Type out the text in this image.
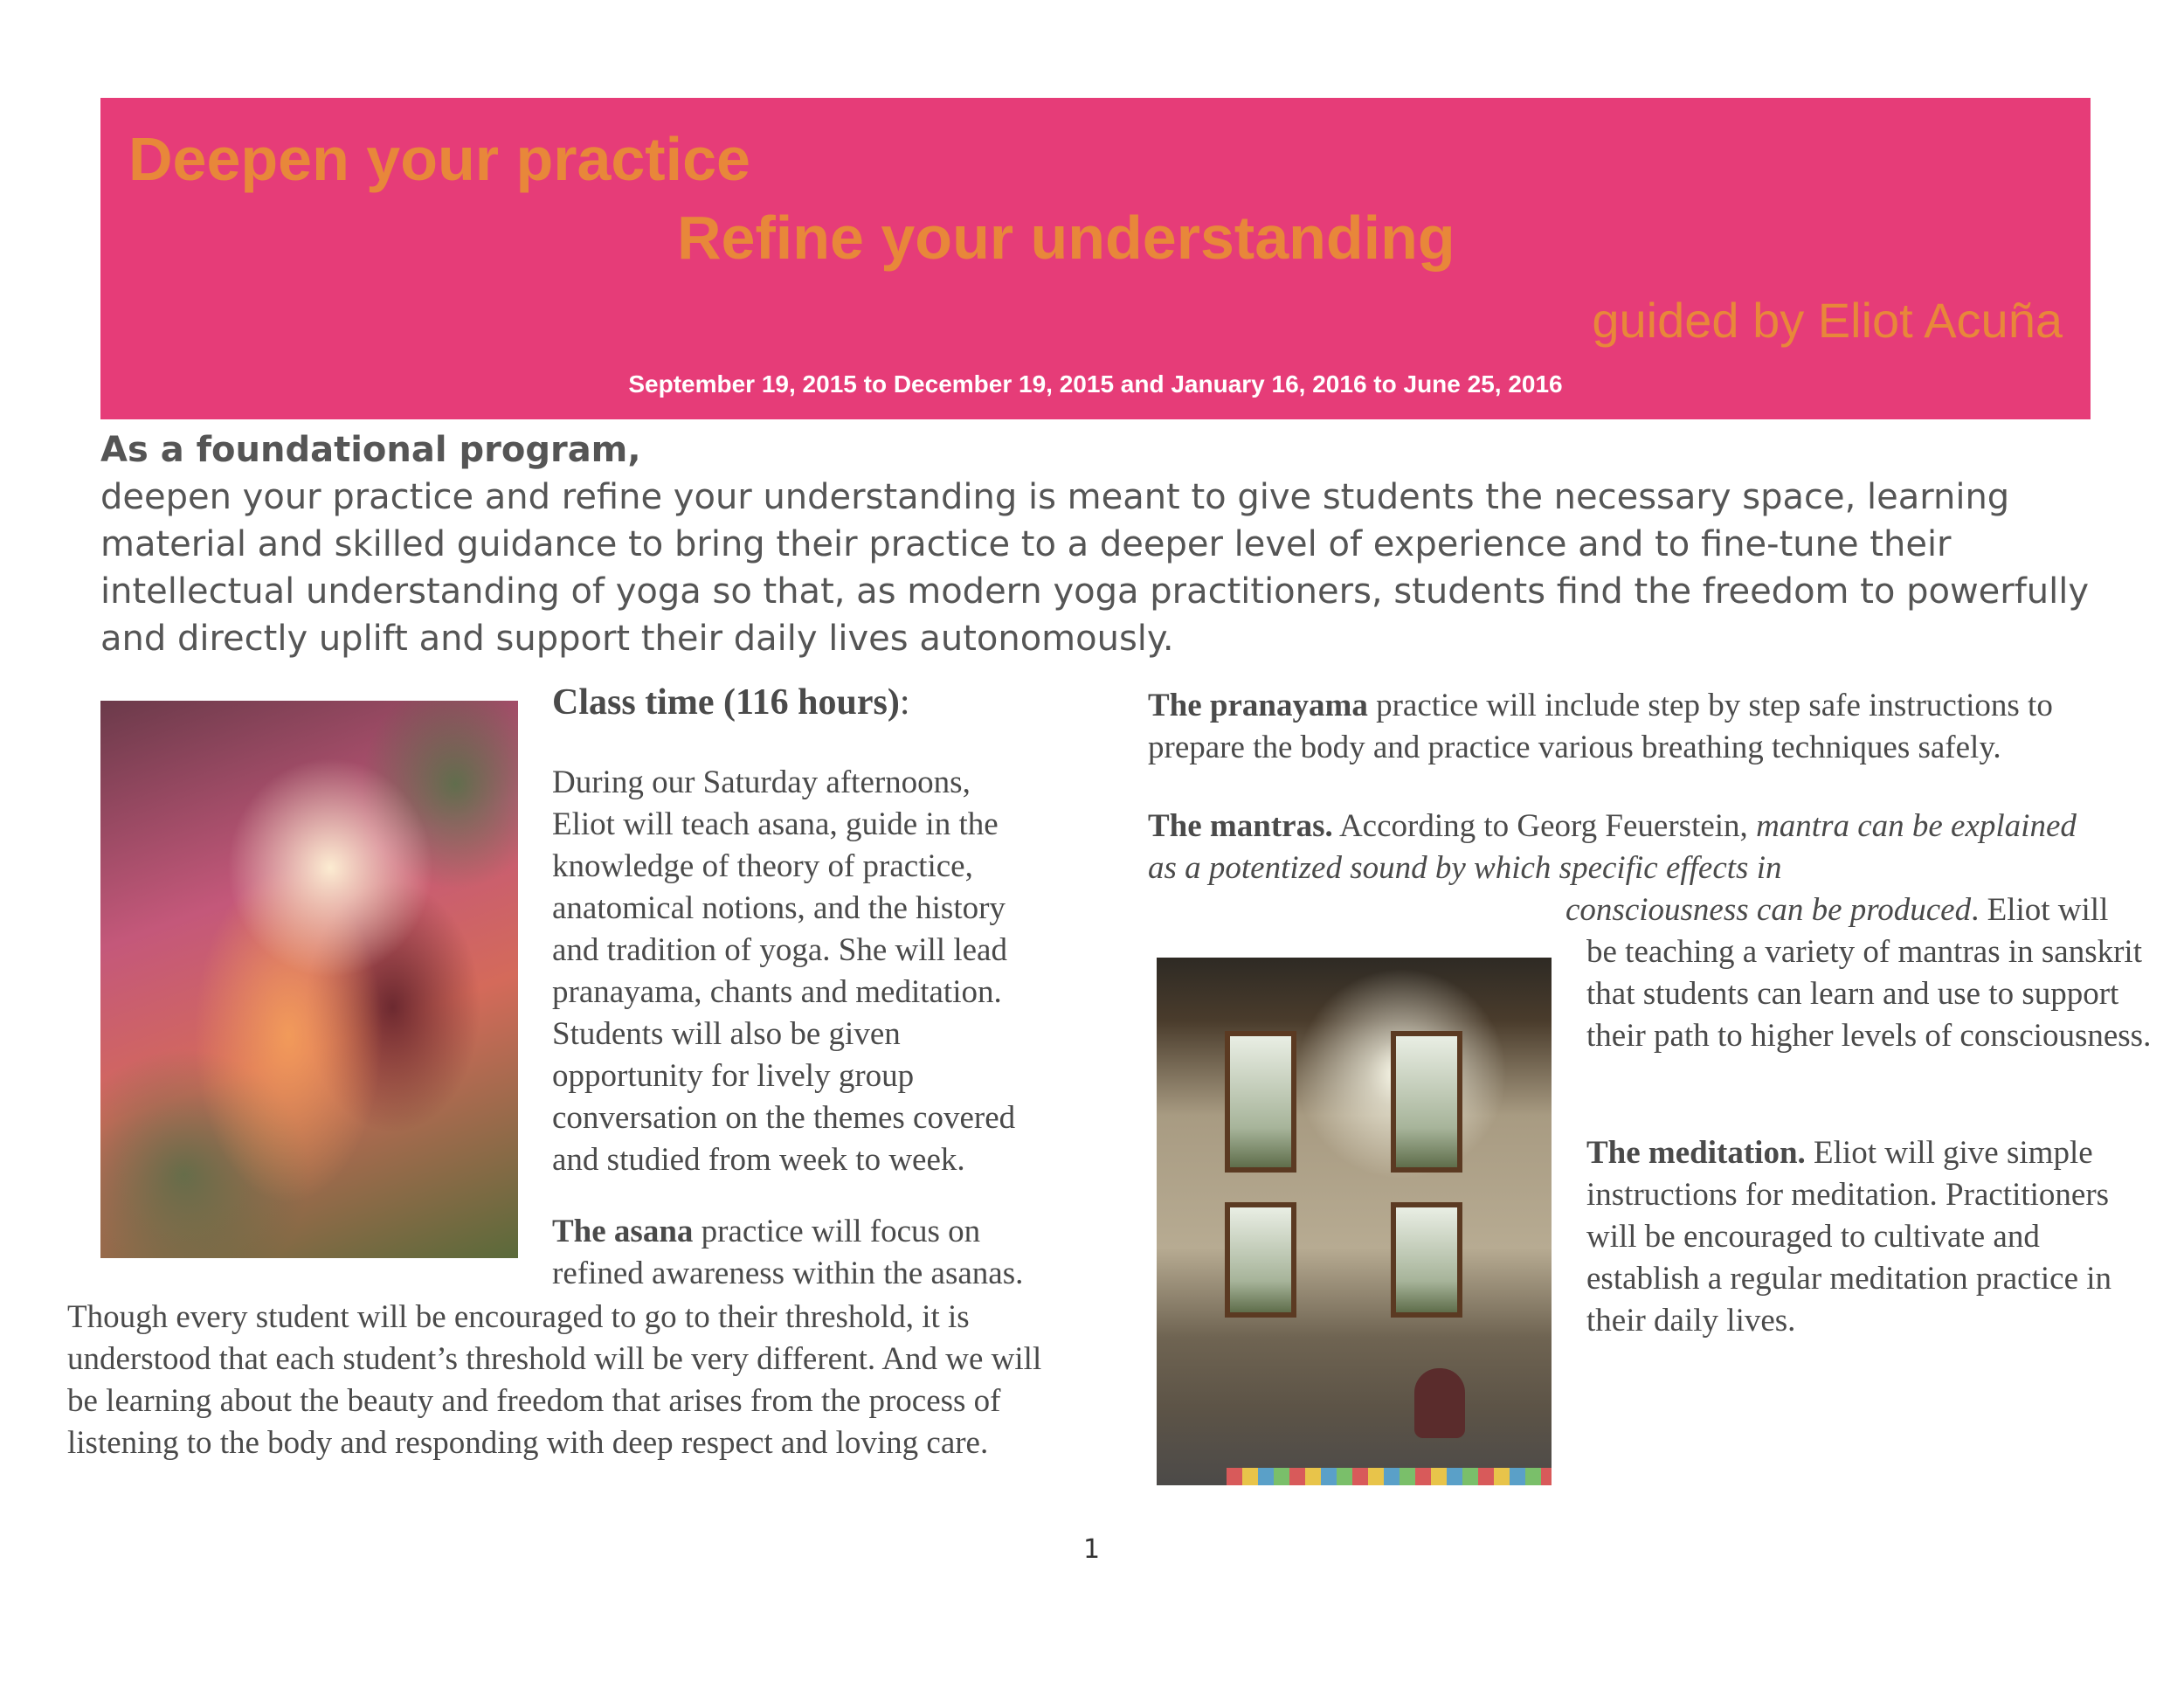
Deepen your practice
Refine your understanding
guided by Eliot Acuña
September 19, 2015 to December 19, 2015 and January 16, 2016 to June 25, 2016
As a foundational program,
deepen your practice and refine your understanding is meant to give students the necessary space, learning material and skilled guidance to bring their practice to a deeper level of experience and to fine-tune their intellectual understanding of yoga so that, as modern yoga practitioners, students find the freedom to powerfully and directly uplift and support their daily lives autonomously.
Class time (116 hours):

During our Saturday afternoons, Eliot will teach asana, guide in the knowledge of theory of practice, anatomical notions, and the history and tradition of yoga. She will lead pranayama, chants and meditation. Students will also be given opportunity for lively group conversation on the themes covered and studied from week to week.

The asana practice will focus on refined awareness within the asanas.

Though every student will be encouraged to go to their threshold, it is understood that each student’s threshold will be very different. And we will be learning about the beauty and freedom that arises from the process of listening to the body and responding with deep respect and loving care.

The pranayama practice will include step by step safe instructions to prepare the body and practice various breathing techniques safely.

The mantras. According to Georg Feuerstein, mantra can be explained as a potentized sound by which specific effects in

consciousness can be produced. Eliot will

be teaching a variety of mantras in sanskrit that students can learn and use to support their path to higher levels of consciousness.

The meditation. Eliot will give simple instructions for meditation. Practitioners will be encouraged to cultivate and establish a regular meditation practice in their daily lives.

1
